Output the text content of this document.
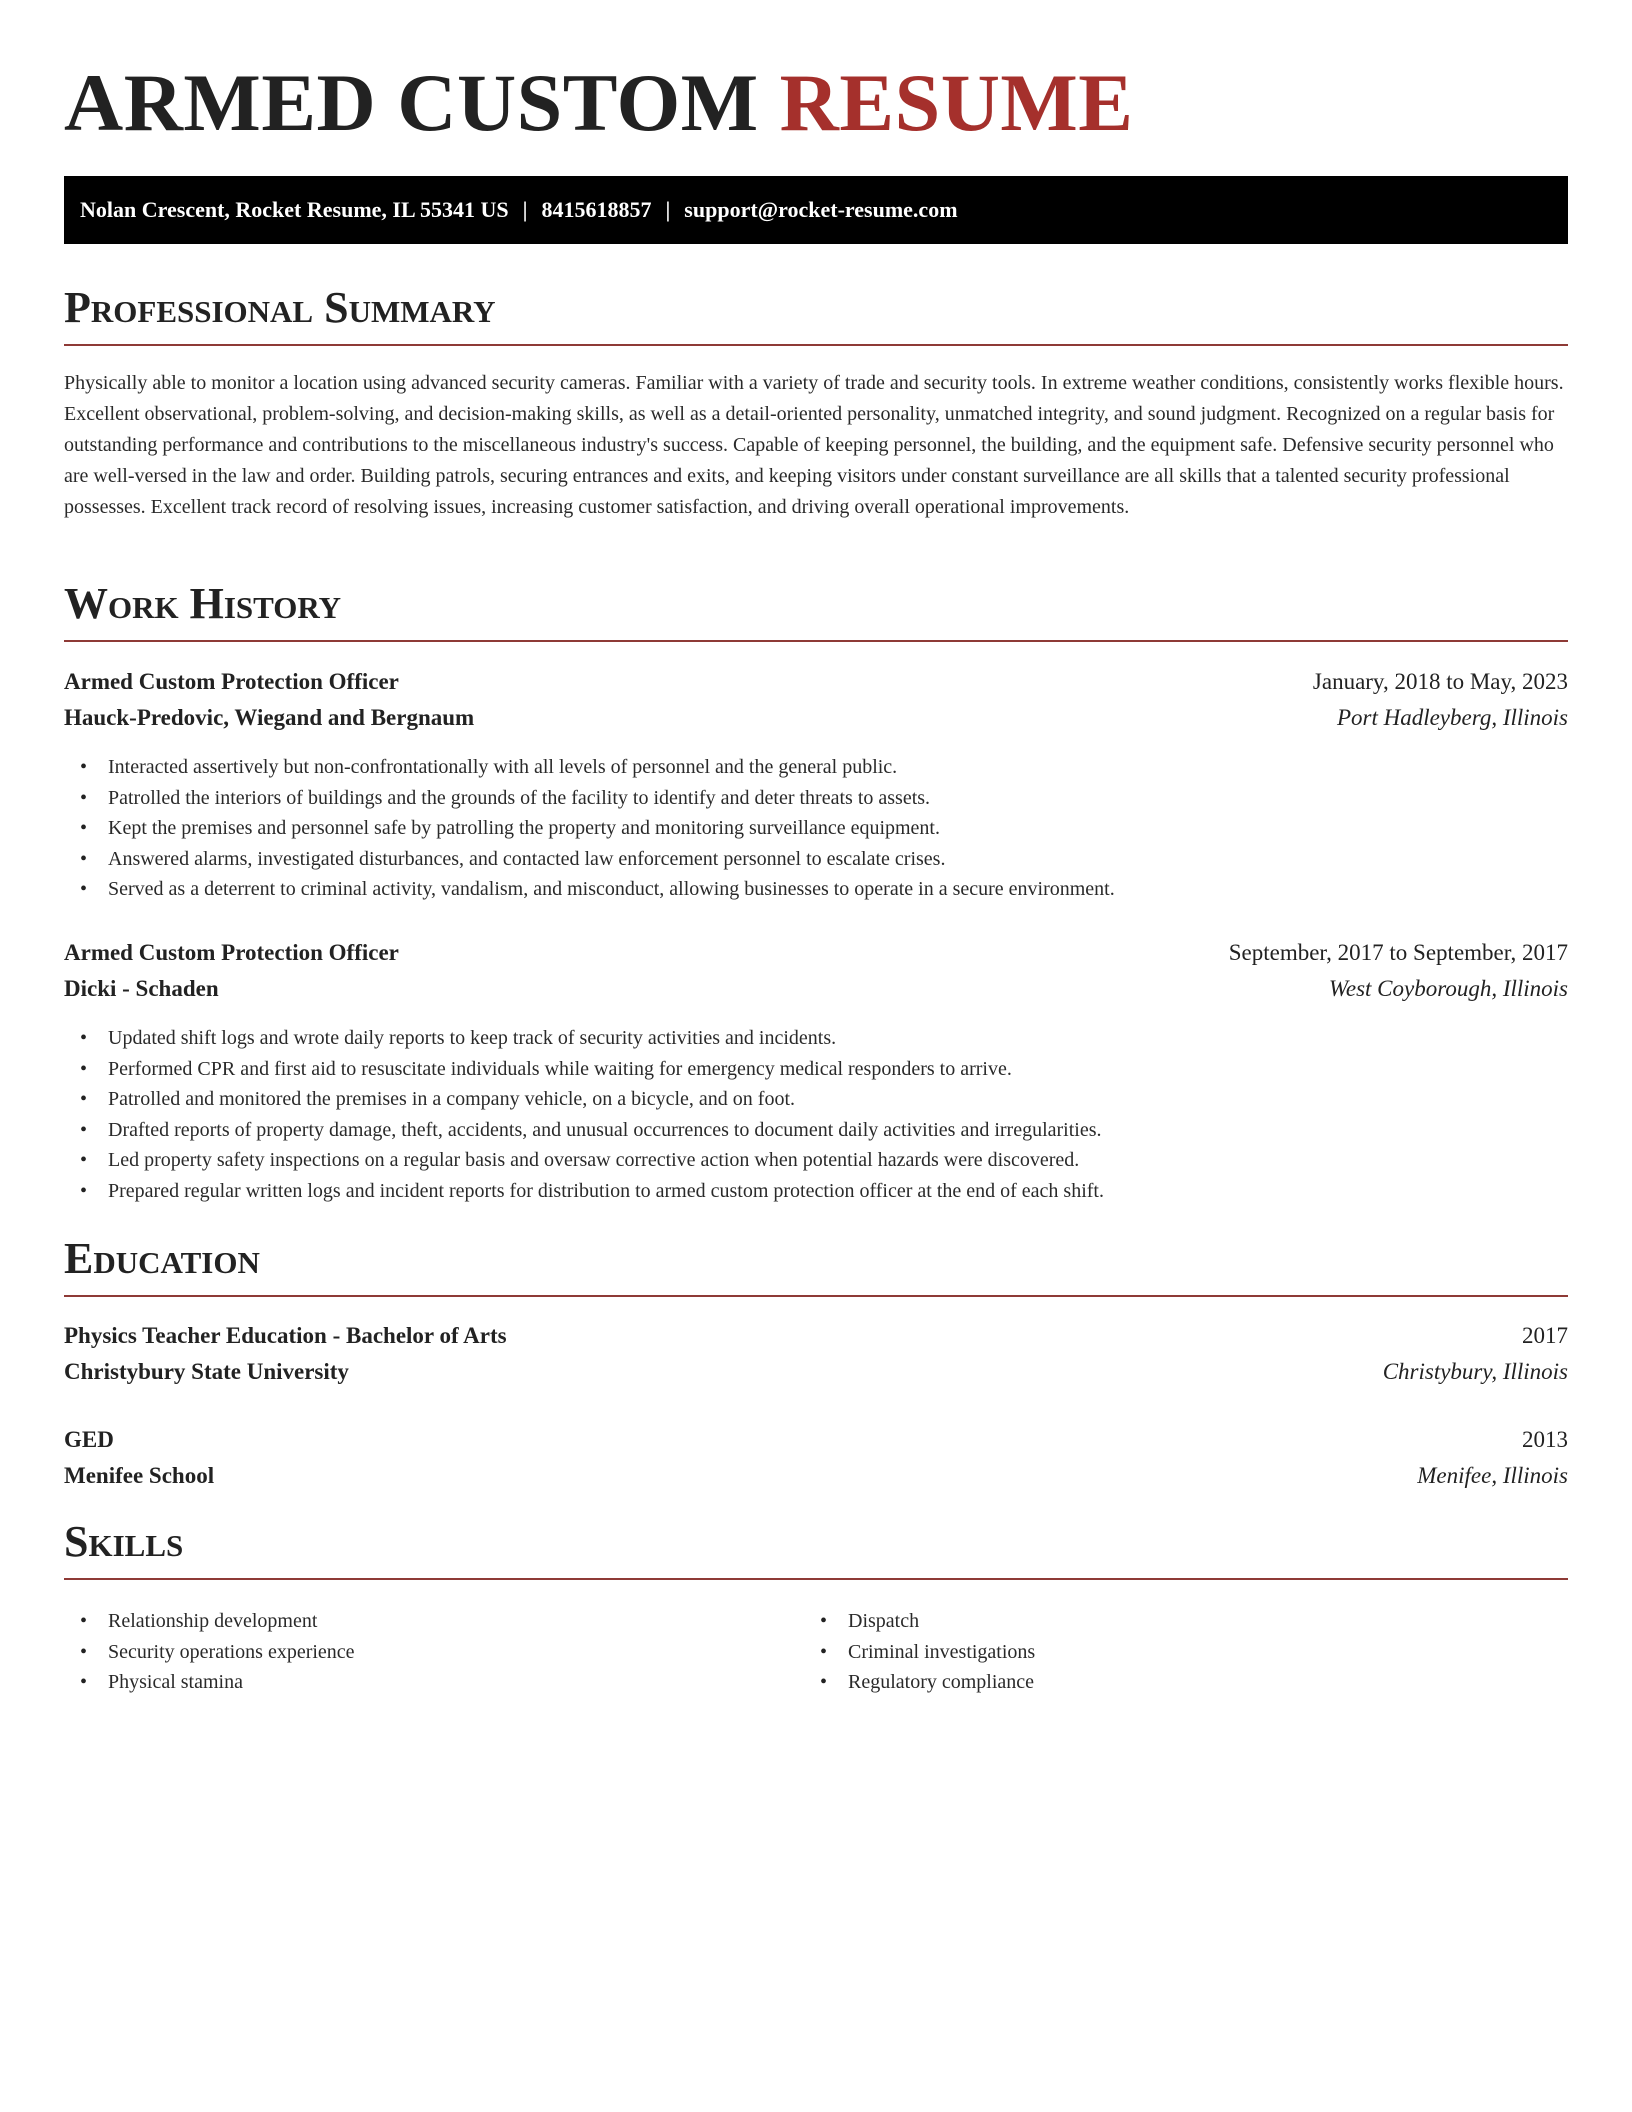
ARMED CUSTOM RESUME
Nolan Crescent, Rocket Resume, IL 55341 US | 8415618857 | support@rocket-resume.com
Professional Summary

Physically able to monitor a location using advanced security cameras. Familiar with a variety of trade and security tools. In extreme weather conditions, consistently works flexible hours. Excellent observational, problem-solving, and decision-making skills, as well as a detail-oriented personality, unmatched integrity, and sound judgment. Recognized on a regular basis for outstanding performance and contributions to the miscellaneous industry's success. Capable of keeping personnel, the building, and the equipment safe. Defensive security personnel who are well-versed in the law and order. Building patrols, securing entrances and exits, and keeping visitors under constant surveillance are all skills that a talented security professional possesses. Excellent track record of resolving issues, increasing customer satisfaction, and driving overall operational improvements.

Work History
Armed Custom Protection Officer	January, 2018 to May, 2023
Hauck-Predovic, Wiegand and Bergnaum	Port Hadleyberg, Illinois
• Interacted assertively but non-confrontationally with all levels of personnel and the general public.
• Patrolled the interiors of buildings and the grounds of the facility to identify and deter threats to assets.
• Kept the premises and personnel safe by patrolling the property and monitoring surveillance equipment.
• Answered alarms, investigated disturbances, and contacted law enforcement personnel to escalate crises.
• Served as a deterrent to criminal activity, vandalism, and misconduct, allowing businesses to operate in a secure environment.
Armed Custom Protection Officer	September, 2017 to September, 2017
Dicki - Schaden	West Coyborough, Illinois
• Updated shift logs and wrote daily reports to keep track of security activities and incidents.
• Performed CPR and first aid to resuscitate individuals while waiting for emergency medical responders to arrive.
• Patrolled and monitored the premises in a company vehicle, on a bicycle, and on foot.
• Drafted reports of property damage, theft, accidents, and unusual occurrences to document daily activities and irregularities.
• Led property safety inspections on a regular basis and oversaw corrective action when potential hazards were discovered.
• Prepared regular written logs and incident reports for distribution to armed custom protection officer at the end of each shift.
Education
Physics Teacher Education - Bachelor of Arts	2017
Christybury State University	Christybury, Illinois
GED	2013
Menifee School	Menifee, Illinois
Skills
• Relationship development
• Security operations experience
• Physical stamina
• Dispatch
• Criminal investigations
• Regulatory compliance
